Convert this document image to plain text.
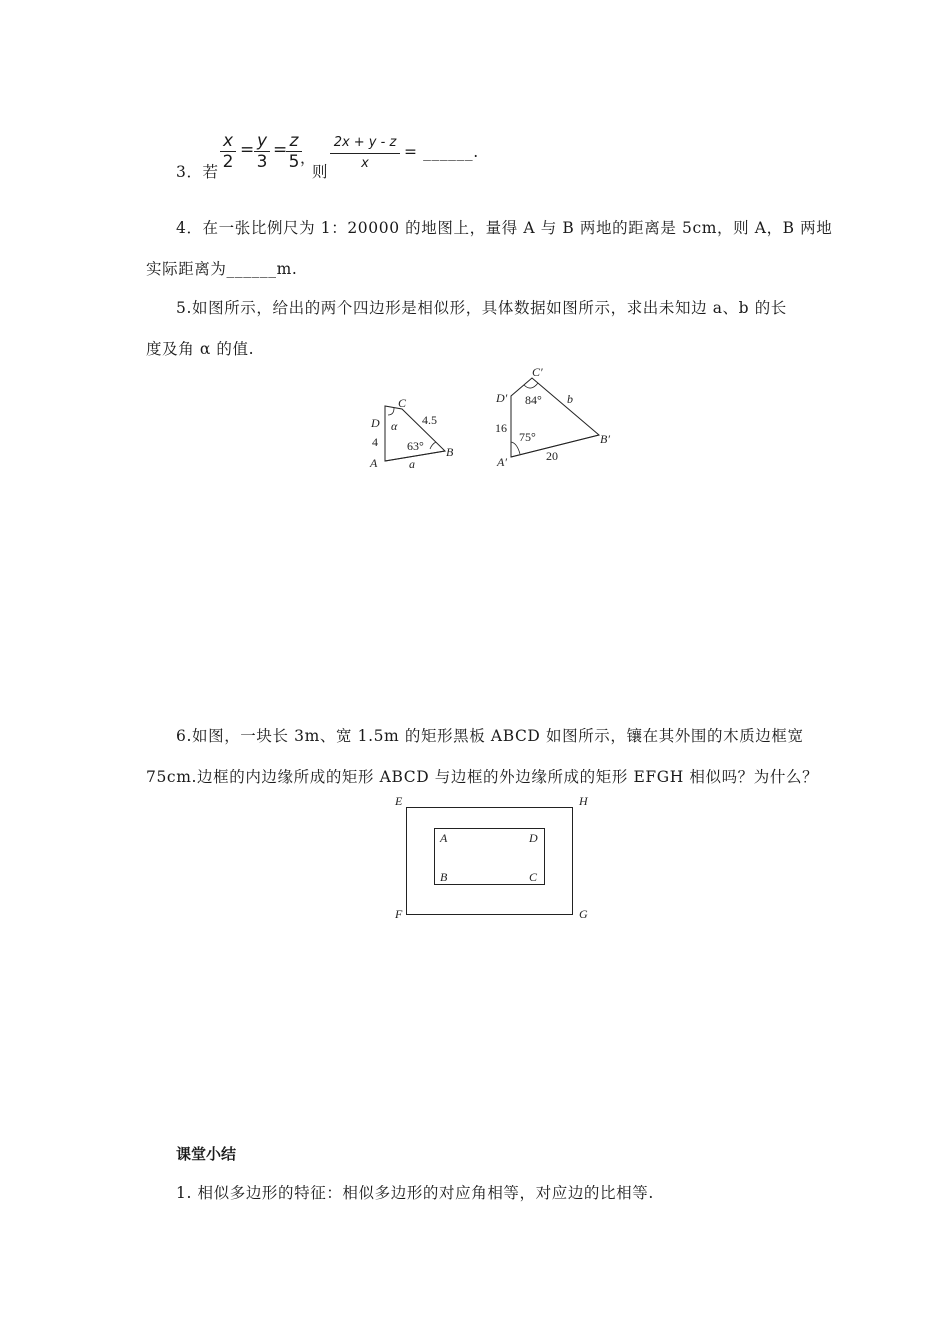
3．若
x
2
= y
3
= z
5 ，
则
2x + y - z
x
= ______.
4．在一张比例尺为 1：20000 的地图上，量得 A 与 B 两地的距离是 5cm，则 A，B 两地
实际距离为______m.
5.如图所示，给出的两个四边形是相似形，具体数据如图所示，求出未知边 a、b 的长
度及角 α 的值.
A
B
C
D
4
4.5
a
α
63°
A′
B′
C′
D′
16
b
20
84°
75°
6.如图，一块长 3m、宽 1.5m 的矩形黑板 ABCD 如图所示，镶在其外围的木质边框宽
75cm.边框的内边缘所成的矩形 ABCD 与边框的外边缘所成的矩形 EFGH 相似吗？为什么？
E	H
F	G
A	D
B	C
课堂小结
1. 相似多边形的特征：相似多边形的对应角相等，对应边的比相等.
